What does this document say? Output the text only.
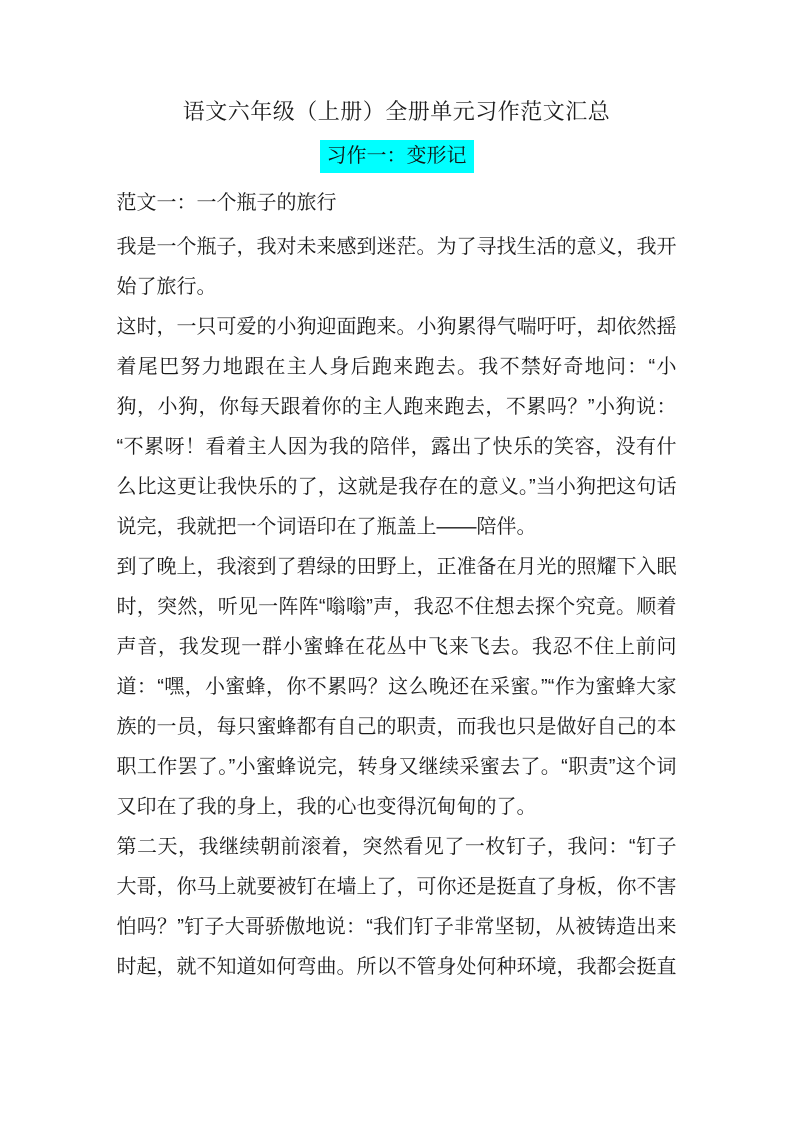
语文六年级（上册）全册单元习作范文汇总
习作一：变形记
范文一：一个瓶子的旅行

我是一个瓶子，我对未来感到迷茫。为了寻找生活的意义，我开始了旅行。

这时，一只可爱的小狗迎面跑来。小狗累得气喘吁吁，却依然摇着尾巴努力地跟在主人身后跑来跑去。我不禁好奇地问：“小狗，小狗，你每天跟着你的主人跑来跑去，不累吗？”小狗说：“不累呀！看着主人因为我的陪伴，露出了快乐的笑容，没有什么比这更让我快乐的了，这就是我存在的意义。”当小狗把这句话说完，我就把一个词语印在了瓶盖上——陪伴。

到了晚上，我滚到了碧绿的田野上，正准备在月光的照耀下入眠时，突然，听见一阵阵“嗡嗡”声，我忍不住想去探个究竟。顺着声音，我发现一群小蜜蜂在花丛中飞来飞去。我忍不住上前问道：“嘿，小蜜蜂，你不累吗？这么晚还在采蜜。”“作为蜜蜂大家族的一员，每只蜜蜂都有自己的职责，而我也只是做好自己的本职工作罢了。”小蜜蜂说完，转身又继续采蜜去了。“职责”这个词又印在了我的身上，我的心也变得沉甸甸的了。

第二天，我继续朝前滚着，突然看见了一枚钉子，我问：“钉子大哥，你马上就要被钉在墙上了，可你还是挺直了身板，你不害怕吗？”钉子大哥骄傲地说：“我们钉子非常坚韧，从被铸造出来时起，就不知道如何弯曲。所以不管身处何种环境，我都会挺直
